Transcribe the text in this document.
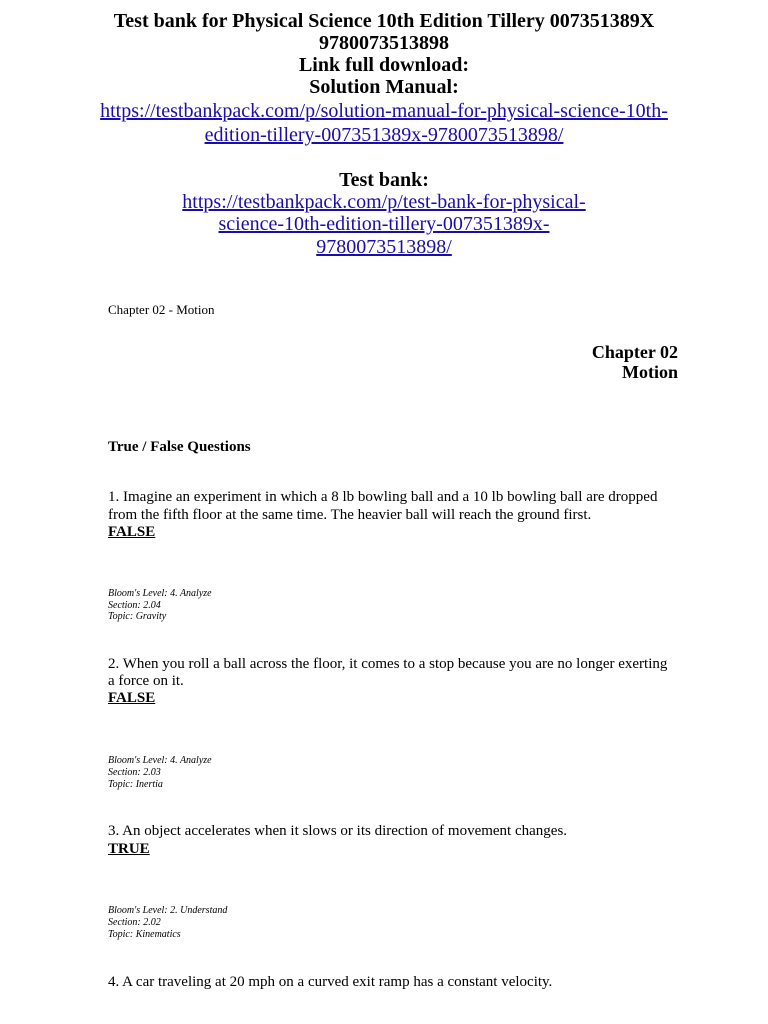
Test bank for Physical Science 10th Edition Tillery 007351389X

9780073513898

Link full download:

Solution Manual:

https://testbankpack.com/p/solution-manual-for-physical-science-10th-

edition-tillery-007351389x-9780073513898/

Test bank:

https://testbankpack.com/p/test-bank-for-physical-

science-10th-edition-tillery-007351389x-

9780073513898/

Chapter 02 - Motion

Chapter 02

Motion

True / False Questions

1. Imagine an experiment in which a 8 lb bowling ball and a 10 lb bowling ball are dropped

from the fifth floor at the same time. The heavier ball will reach the ground first.

FALSE

Bloom's Level: 4. Analyze

Section: 2.04

Topic: Gravity

2. When you roll a ball across the floor, it comes to a stop because you are no longer exerting

a force on it.

FALSE

Bloom's Level: 4. Analyze

Section: 2.03

Topic: Inertia

3. An object accelerates when it slows or its direction of movement changes.

TRUE

Bloom's Level: 2. Understand

Section: 2.02

Topic: Kinematics

4. A car traveling at 20 mph on a curved exit ramp has a constant velocity.
